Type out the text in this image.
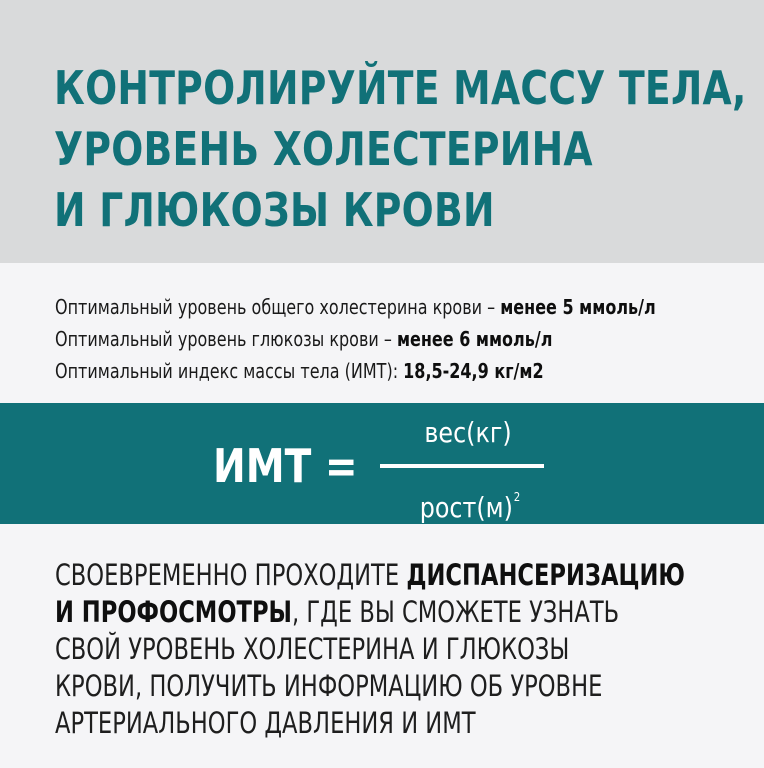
КОНТРОЛИРУЙТЕ МАССУ ТЕЛА,
УРОВЕНЬ ХОЛЕСТЕРИНА
И ГЛЮКОЗЫ КРОВИ
Оптимальный уровень общего холестерина крови – менее 5 ммоль/л
Оптимальный уровень глюкозы крови – менее 6 ммоль/л
Оптимальный индекс массы тела (ИМТ): 18,5-24,9 кг/м2
ИМТ =
вес(кг)
$рост(м)^2$

СВОЕВРЕМЕННО ПРОХОДИТЕ ДИСПАНСЕРИЗАЦИЮ
И ПРОФОСМОТРЫ, ГДЕ ВЫ СМОЖЕТЕ УЗНАТЬ
СВОЙ УРОВЕНЬ ХОЛЕСТЕРИНА И ГЛЮКОЗЫ
КРОВИ, ПОЛУЧИТЬ ИНФОРМАЦИЮ ОБ УРОВНЕ
АРТЕРИАЛЬНОГО ДАВЛЕНИЯ И ИМТ
